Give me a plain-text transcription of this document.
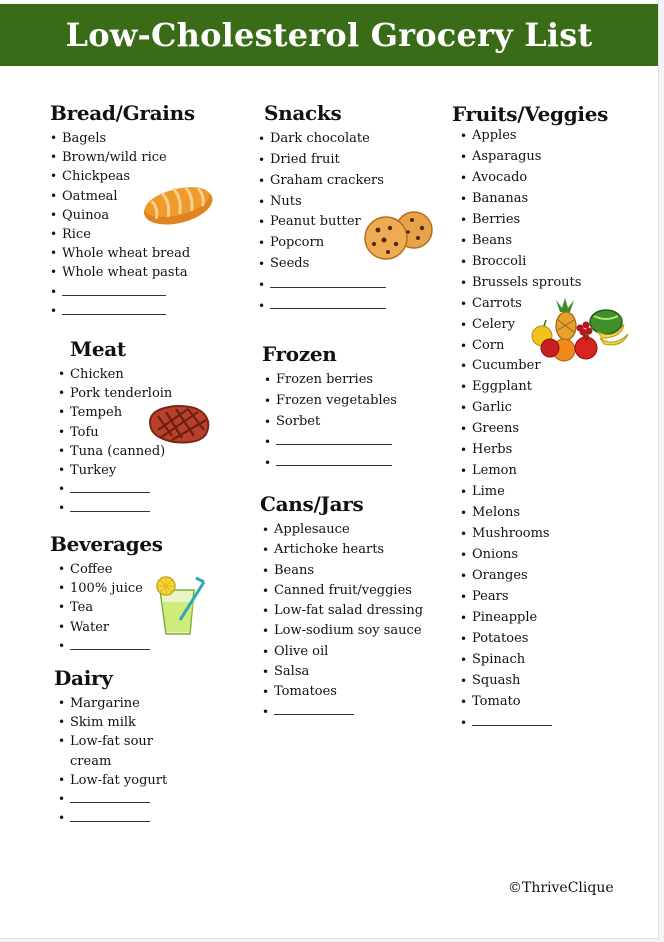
Low-Cholesterol Grocery List
Bread/Grains
• Bagels
• Brown/wild rice
• Chickpeas
• Oatmeal
• Quinoa
• Rice
• Whole wheat bread
• Whole wheat pasta
•
•
Meat
• Chicken
• Pork tenderloin
• Tempeh
• Tofu
• Tuna (canned)
• Turkey
•
•
Beverages
• Coffee
• 100% juice
• Tea
• Water
•
Dairy
• Margarine
• Skim milk
• Low-fat sour cream
• Low-fat yogurt
•
•
Snacks
• Dark chocolate
• Dried fruit
• Graham crackers
• Nuts
• Peanut butter
• Popcorn
• Seeds
•
•
Frozen
• Frozen berries
• Frozen vegetables
• Sorbet
•
•
Cans/Jars
• Applesauce
• Artichoke hearts
• Beans
• Canned fruit/veggies
• Low-fat salad dressing
• Low-sodium soy sauce
• Olive oil
• Salsa
• Tomatoes
•
Fruits/Veggies
• Apples
• Asparagus
• Avocado
• Bananas
• Berries
• Beans
• Broccoli
• Brussels sprouts
• Carrots
• Celery
• Corn
• Cucumber
• Eggplant
• Garlic
• Greens
• Herbs
• Lemon
• Lime
• Melons
• Mushrooms
• Onions
• Oranges
• Pears
• Pineapple
• Potatoes
• Spinach
• Squash
• Tomato
•
©ThriveClique
